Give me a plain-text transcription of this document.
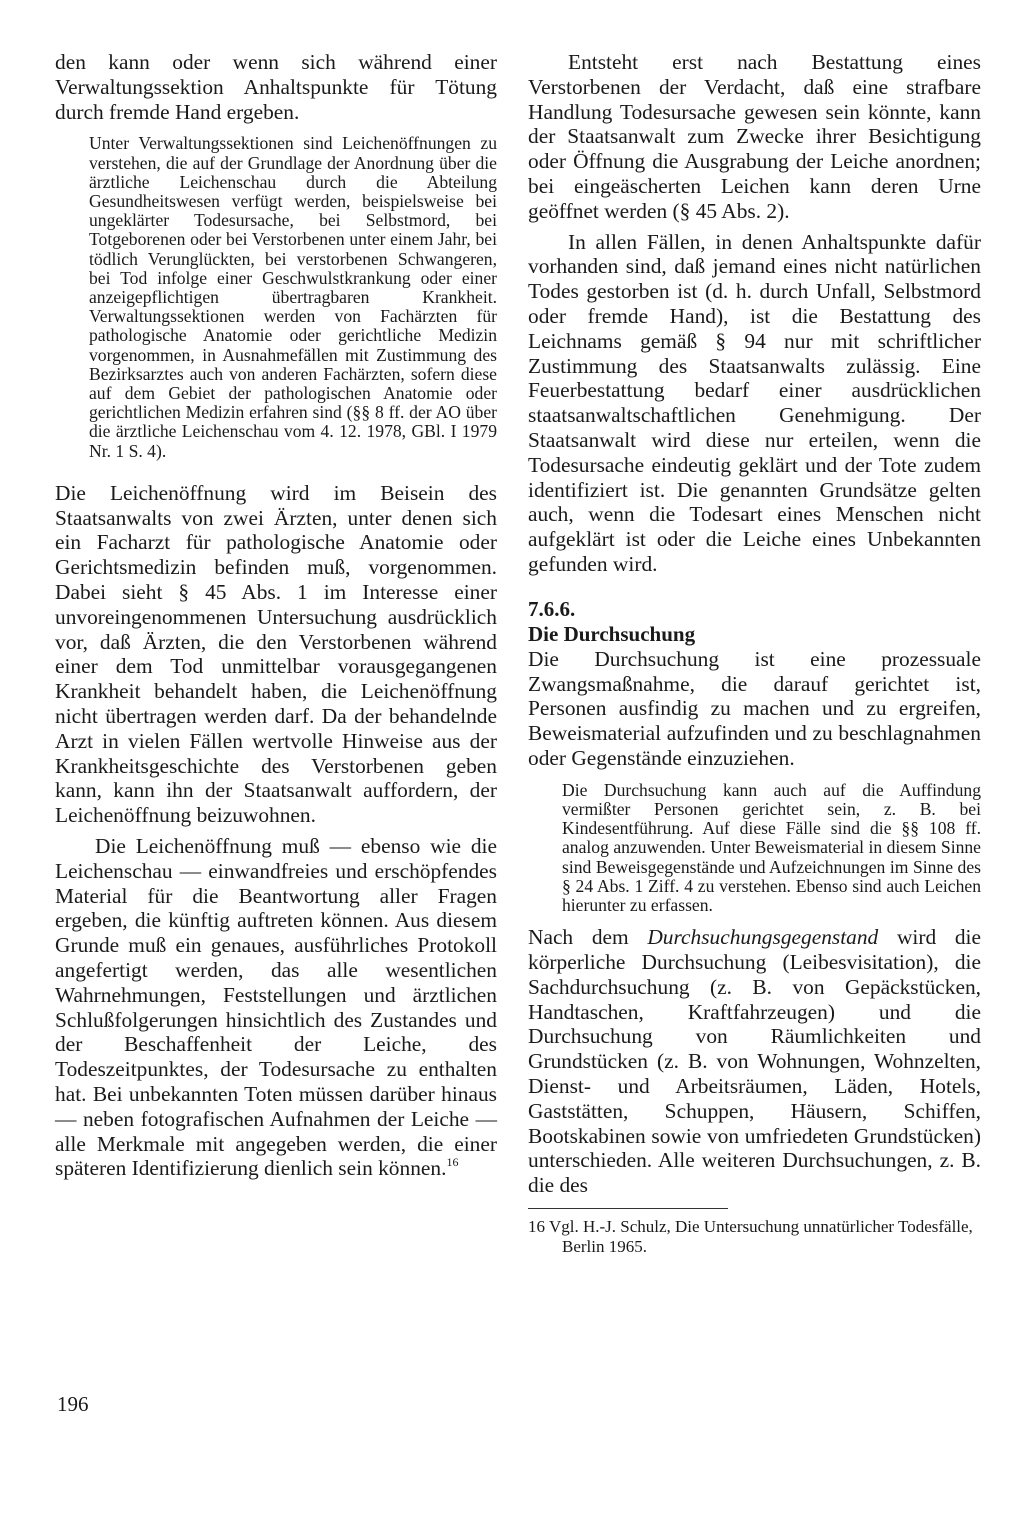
den kann oder wenn sich während einer Verwaltungssektion Anhaltspunkte für Tötung durch fremde Hand ergeben.

Unter Verwaltungssektionen sind Leichenöffnungen zu verstehen, die auf der Grundlage der Anordnung über die ärztliche Leichenschau durch die Abteilung Gesundheitswesen verfügt werden, beispielsweise bei ungeklärter Todesursache, bei Selbstmord, bei Totgeborenen oder bei Verstorbenen unter einem Jahr, bei tödlich Verunglückten, bei verstorbenen Schwangeren, bei Tod infolge einer Geschwulstkrankung oder einer anzeigepflichtigen übertragbaren Krankheit. Verwaltungssektionen werden von Fachärzten für pathologische Anatomie oder gerichtliche Medizin vorgenommen, in Ausnahmefällen mit Zustimmung des Bezirksarztes auch von anderen Fachärzten, sofern diese auf dem Gebiet der pathologischen Anatomie oder gerichtlichen Medizin erfahren sind (§§ 8 ff. der AO über die ärztliche Leichenschau vom 4. 12. 1978, GBl. I 1979 Nr. 1 S. 4).

Die Leichenöffnung wird im Beisein des Staatsanwalts von zwei Ärzten, unter denen sich ein Facharzt für pathologische Anatomie oder Gerichtsmedizin befinden muß, vorgenommen. Dabei sieht § 45 Abs. 1 im Interesse einer unvoreingenommenen Untersuchung ausdrücklich vor, daß Ärzten, die den Verstorbenen während einer dem Tod unmittelbar vorausgegangenen Krankheit behandelt haben, die Leichenöffnung nicht übertragen werden darf. Da der behandelnde Arzt in vielen Fällen wertvolle Hinweise aus der Krankheitsgeschichte des Verstorbenen geben kann, kann ihn der Staatsanwalt auffordern, der Leichenöffnung beizuwohnen.

Die Leichenöffnung muß — ebenso wie die Leichenschau — einwandfreies und erschöpfendes Material für die Beantwortung aller Fragen ergeben, die künftig auftreten können. Aus diesem Grunde muß ein genaues, ausführliches Protokoll angefertigt werden, das alle wesentlichen Wahrnehmungen, Feststellungen und ärztlichen Schlußfolgerungen hinsichtlich des Zustandes und der Beschaffenheit der Leiche, des Todeszeitpunktes, der Todesursache zu enthalten hat. Bei unbekannten Toten müssen darüber hinaus — neben fotografischen Aufnahmen der Leiche — alle Merkmale mit angegeben werden, die einer späteren Identifizierung dienlich sein können.$^{16}$

Entsteht erst nach Bestattung eines Verstorbenen der Verdacht, daß eine strafbare Handlung Todesursache gewesen sein könnte, kann der Staatsanwalt zum Zwecke ihrer Besichtigung oder Öffnung die Ausgrabung der Leiche anordnen; bei eingeäscherten Leichen kann deren Urne geöffnet werden (§ 45 Abs. 2).

In allen Fällen, in denen Anhaltspunkte dafür vorhanden sind, daß jemand eines nicht natürlichen Todes gestorben ist (d. h. durch Unfall, Selbstmord oder fremde Hand), ist die Bestattung des Leichnams gemäß § 94 nur mit schriftlicher Zustimmung des Staatsanwalts zulässig. Eine Feuerbestattung bedarf einer ausdrücklichen staatsanwaltschaftlichen Genehmigung. Der Staatsanwalt wird diese nur erteilen, wenn die Todesursache eindeutig geklärt und der Tote zudem identifiziert ist. Die genannten Grundsätze gelten auch, wenn die Todesart eines Menschen nicht aufgeklärt ist oder die Leiche eines Unbekannten gefunden wird.

7.6.6.

Die Durchsuchung

Die Durchsuchung ist eine prozessuale Zwangsmaßnahme, die darauf gerichtet ist, Personen ausfindig zu machen und zu ergreifen, Beweismaterial aufzufinden und zu beschlagnahmen oder Gegenstände einzuziehen.

Die Durchsuchung kann auch auf die Auffindung vermißter Personen gerichtet sein, z. B. bei Kindesentführung. Auf diese Fälle sind die §§ 108 ff. analog anzuwenden. Unter Beweismaterial in diesem Sinne sind Beweisgegenstände und Aufzeichnungen im Sinne des § 24 Abs. 1 Ziff. 4 zu verstehen. Ebenso sind auch Leichen hierunter zu erfassen.

Nach dem Durchsuchungsgegenstand wird die körperliche Durchsuchung (Leibesvisitation), die Sachdurchsuchung (z. B. von Gepäckstücken, Handtaschen, Kraftfahrzeugen) und die Durchsuchung von Räumlichkeiten und Grundstücken (z. B. von Wohnungen, Wohnzelten, Dienst- und Arbeitsräumen, Läden, Hotels, Gaststätten, Schuppen, Häusern, Schiffen, Bootskabinen sowie von umfriedeten Grundstücken) unterschieden. Alle weiteren Durchsuchungen, z. B. die des

16 Vgl. H.-J. Schulz, Die Untersuchung unnatürlicher Todesfälle, Berlin 1965.

196
